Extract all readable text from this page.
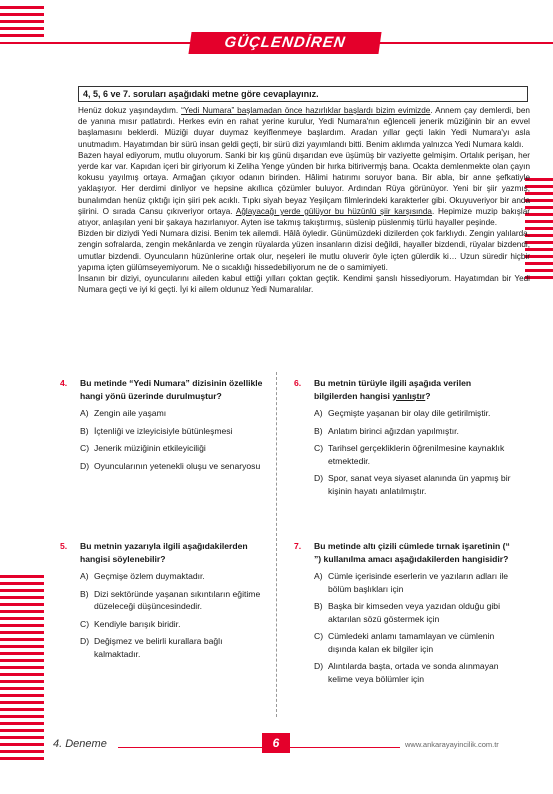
GÜÇLENDİREN TÜRKÇE
4, 5, 6 ve 7. soruları aşağıdaki metne göre cevaplayınız.

Henüz dokuz yaşındaydım. “Yedi Numara” başlamadan önce hazırlıklar başlardı bizim evimizde. Annem çay demlerdi, ben de yanına mısır patlatırdı. Herkes evin en rahat yerine kurulur, Yedi Numara'nın eğlenceli jenerik müziğinin bir an evvel başlamasını beklerdi. Müziği duyar duymaz keyiflenmeye başlardım. Aradan yıllar geçti lakin Yedi Numara'yı asla unutmadım. Hayatımdan bir sürü insan geldi geçti, bir sürü dizi yayımlandı bitti. Benim aklımda yalnızca Yedi Numara kaldı.

Bazen hayal ediyorum, mutlu oluyorum. Sanki bir kış günü dışarıdan eve üşümüş bir vaziyette gelmişim. Ortalık perişan, her yerde kar var. Kapıdan içeri bir giriyorum ki Zeliha Yenge yünden bir hırka bitiriverm̧iş bana. Ocakta demlenmekte olan çayın kokusu yayılmış ortaya. Armağan çıkıyor odanın birinden. Hâlimi hatırımı soruyor bana. Bir abla, bir anne şefkatiyle yaklaşıyor. Her derdimi dinliyor ve hepsine akıllıca çözümler buluyor. Ardından Rüya görünüyor. Yeni bir şiir yazmış, bunalımdan henüz çıktığı için şiiri pek acıklı. Tıpkı siyah beyaz Yeşilçam filmlerindeki karakterler gibi. Okuyuveriyor bir anda şiirini. O sırada Cansu çıkıveriyor ortaya. Ağlayacağı yerde gülüyor bu hüzünlü şiir karşısında. Hepimize muzip bakışlar atıyor, anlaşılan yeni bir şakaya hazırlanıyor. Ayten ise takmış takıştırmış, süslenip püslenmiş türlü hayaller peşinde.

Bizden bir diziydi Yedi Numara dizisi. Benim tek ailemdi. Hâlâ öyledir. Günümüzdeki dizilerden çok farklıydı. Zengin yalılarda, zengin sofralarda, zengin mekânlarda ve zengin rüyalarda yüzen insanların dizisi değildi, hayaller bizdendi, rüyalar bizdendi, umutlar bizdendi. Oyuncuların hüzünlerine ortak olur, neşeleri ile mutlu oluverir öyle içten gülerdik ki… Uzun süredir hiçbir yapıma içten gülümseyemiyorum. Ne o sıcaklığı hissedebiliyorum ne de o samimiyeti.

İnsanın bir diziyi, oyuncularını aileden kabul ettiği yılları çoktan geçtik. Kendimi şanslı hissediyorum. Hayatımdan bir Yedi Numara geçti ve iyi ki geçti. İyi ki ailem oldunuz Yedi Numaralılar.

4. Bu metinde “Yedi Numara” dizisinin özellikle hangi yönü üzerinde durulmuştur?
A) Zengin aile yaşamı
B) İçtenliği ve izleyicisiyle bütünleşmesi
C) Jenerik müziğinin etkileyiciliği
D) Oyuncularının yetenekli oluşu ve senaryosu
5. Bu metnin yazarıyla ilgili aşağıdakilerden hangisi söylenebilir?
A) Geçmişe özlem duymaktadır.
B) Dizi sektöründe yaşanan sıkıntıların eğitime düzeleceği düşüncesindedir.
C) Kendiyle barışık biridir.
D) Değişmez ve belirli kurallara bağlı kalmaktadır.
6. Bu metnin türüyle ilgili aşağıda verilen bilgilerden hangisi yanlıştır?
A) Geçmişte yaşanan bir olay dile getirilmiştir.
B) Anlatım birinci ağızdan yapılmıştır.
C) Tarihsel gerçekliklerin öğrenilmesine kaynaklık etmektedir.
D) Spor, sanat veya siyaset alanında ün yapmış bir kişinin hayatı anlatılmıştır.
7. Bu metinde altı çizili cümlede tırnak işaretinin (“ ”) kullanılma amacı aşağıdakilerden hangisidir?
A) Cümle içerisinde eserlerin ve yazıların adları ile bölüm başlıkları için
B) Başka bir kimseden veya yazıdan olduğu gibi aktarılan sözü göstermek için
C) Cümledeki anlamı tamamlayan ve cümlenin dışında kalan ek bilgiler için
D) Alıntılarda başta, ortada ve sonda alınmayan kelime veya bölümler için
4. Deneme	6	www.ankarayayincilik.com.tr
